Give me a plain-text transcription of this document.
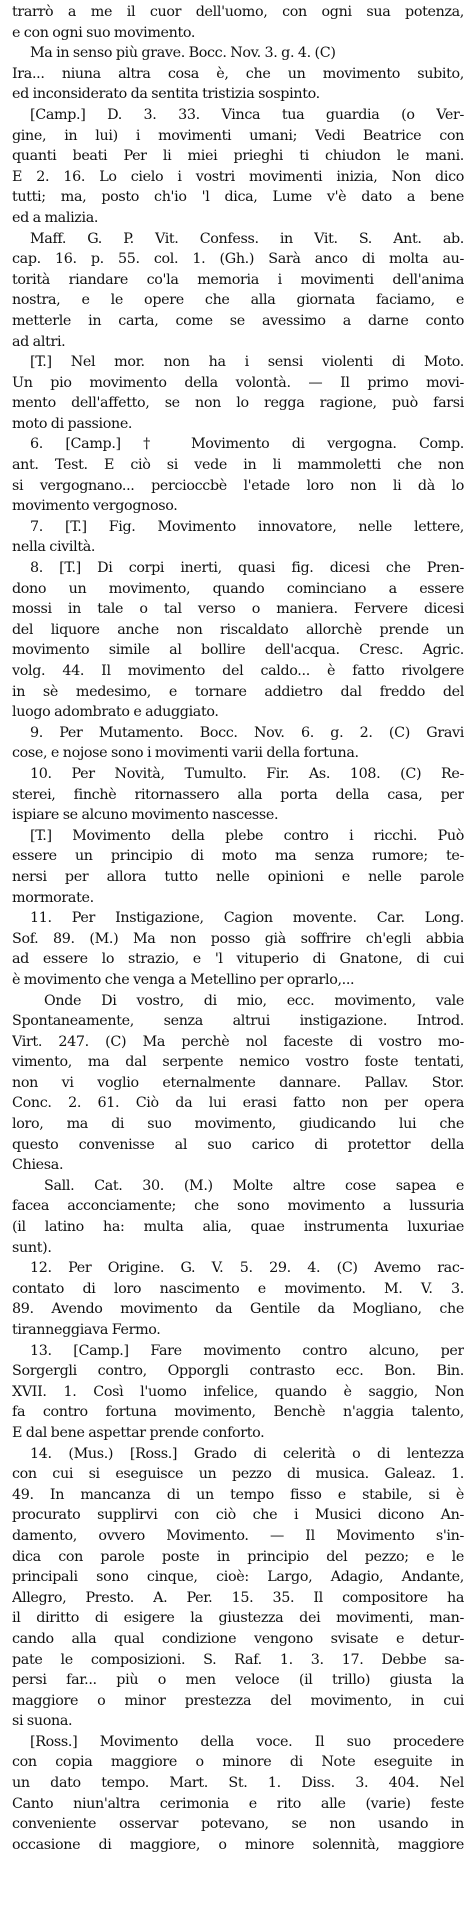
trarrò a me il cuor dell'uomo, con ogni sua potenza,
e con ogni suo movimento.
Ma in senso più grave. Bocc. Nov. 3. g. 4. (C)
Ira... niuna altra cosa è, che un movimento subito,
ed inconsiderato da sentita tristizia sospinto.
[Camp.] D. 3. 33. Vinca tua guardia (o Ver-
gine, in lui) i movimenti umani; Vedi Beatrice con
quanti beati Per li miei prieghi ti chiudon le mani.
E 2. 16. Lo cielo i vostri movimenti inizia, Non dico
tutti; ma, posto ch'io 'l dica, Lume v'è dato a bene
ed a malizia.
Maff. G. P. Vit. Confess. in Vit. S. Ant. ab.
cap. 16. p. 55. col. 1. (Gh.) Sarà anco di molta au-
torità riandare co'la memoria i movimenti dell'anima
nostra, e le opere che alla giornata faciamo, e
metterle in carta, come se avessimo a darne conto
ad altri.
[T.] Nel mor. non ha i sensi violenti di Moto.
Un pio movimento della volontà. — Il primo movi-
mento dell'affetto, se non lo regga ragione, può farsi
moto di passione.
6. [Camp.] † Movimento di vergogna. Comp.
ant. Test. E ciò si vede in li mammoletti che non
si vergognano... percioccbè l'etade loro non li dà lo
movimento vergognoso.
7. [T.] Fig. Movimento innovatore, nelle lettere,
nella civiltà.
8. [T.] Di corpi inerti, quasi fig. dicesi che Pren-
dono un movimento, quando cominciano a essere
mossi in tale o tal verso o maniera. Fervere dicesi
del liquore anche non riscaldato allorchè prende un
movimento simile al bollire dell'acqua. Cresc. Agric.
volg. 44. Il movimento del caldo... è fatto rivolgere
in sè medesimo, e tornare addietro dal freddo del
luogo adombrato e aduggiato.
9. Per Mutamento. Bocc. Nov. 6. g. 2. (C) Gravi
cose, e nojose sono i movimenti varii della fortuna.
10. Per Novità, Tumulto. Fir. As. 108. (C) Re-
sterei, finchè ritornassero alla porta della casa, per
ispiare se alcuno movimento nascesse.
[T.] Movimento della plebe contro i ricchi. Può
essere un principio di moto ma senza rumore; te-
nersi per allora tutto nelle opinioni e nelle parole
mormorate.
11. Per Instigazione, Cagion movente. Car. Long.
Sof. 89. (M.) Ma non posso già soffrire ch'egli abbia
ad essere lo strazio, e 'l vituperio di Gnatone, di cui
è movimento che venga a Metellino per oprarlo,...
Onde Di vostro, di mio, ecc. movimento, vale
Spontaneamente, senza altrui instigazione. Introd.
Virt. 247. (C) Ma perchè nol faceste di vostro mo-
vimento, ma dal serpente nemico vostro foste tentati,
non vi voglio eternalmente dannare. Pallav. Stor.
Conc. 2. 61. Ciò da lui erasi fatto non per opera
loro, ma di suo movimento, giudicando lui che
questo convenisse al suo carico di protettor della
Chiesa.
Sall. Cat. 30. (M.) Molte altre cose sapea e
facea acconciamente; che sono movimento a lussuria
(il latino ha: multa alia, quae instrumenta luxuriae
sunt).
12. Per Origine. G. V. 5. 29. 4. (C) Avemo rac-
contato di loro nascimento e movimento. M. V. 3.
89. Avendo movimento da Gentile da Mogliano, che
tiranneggiava Fermo.
13. [Camp.] Fare movimento contro alcuno, per
Sorgergli contro, Opporgli contrasto ecc. Bon. Bin.
XVII. 1. Così l'uomo infelice, quando è saggio, Non
fa contro fortuna movimento, Benchè n'aggia talento,
E dal bene aspettar prende conforto.
14. (Mus.) [Ross.] Grado di celerità o di lentezza
con cui si eseguisce un pezzo di musica. Galeaz. 1.
49. In mancanza di un tempo fisso e stabile, si è
procurato supplirvi con ciò che i Musici dicono An-
damento, ovvero Movimento. — Il Movimento s'in-
dica con parole poste in principio del pezzo; e le
principali sono cinque, cioè: Largo, Adagio, Andante,
Allegro, Presto. A. Per. 15. 35. Il compositore ha
il diritto di esigere la giustezza dei movimenti, man-
cando alla qual condizione vengono svisate e detur-
pate le composizioni. S. Raf. 1. 3. 17. Debbe sa-
persi far... più o men veloce (il trillo) giusta la
maggiore o minor prestezza del movimento, in cui
si suona.
[Ross.] Movimento della voce. Il suo procedere
con copia maggiore o minore di Note eseguite in
un dato tempo. Mart. St. 1. Diss. 3. 404. Nel
Canto niun'altra cerimonia e rito alle (varie) feste
conveniente osservar potevano, se non usando in
occasione di maggiore, o minore solennità, maggiore
